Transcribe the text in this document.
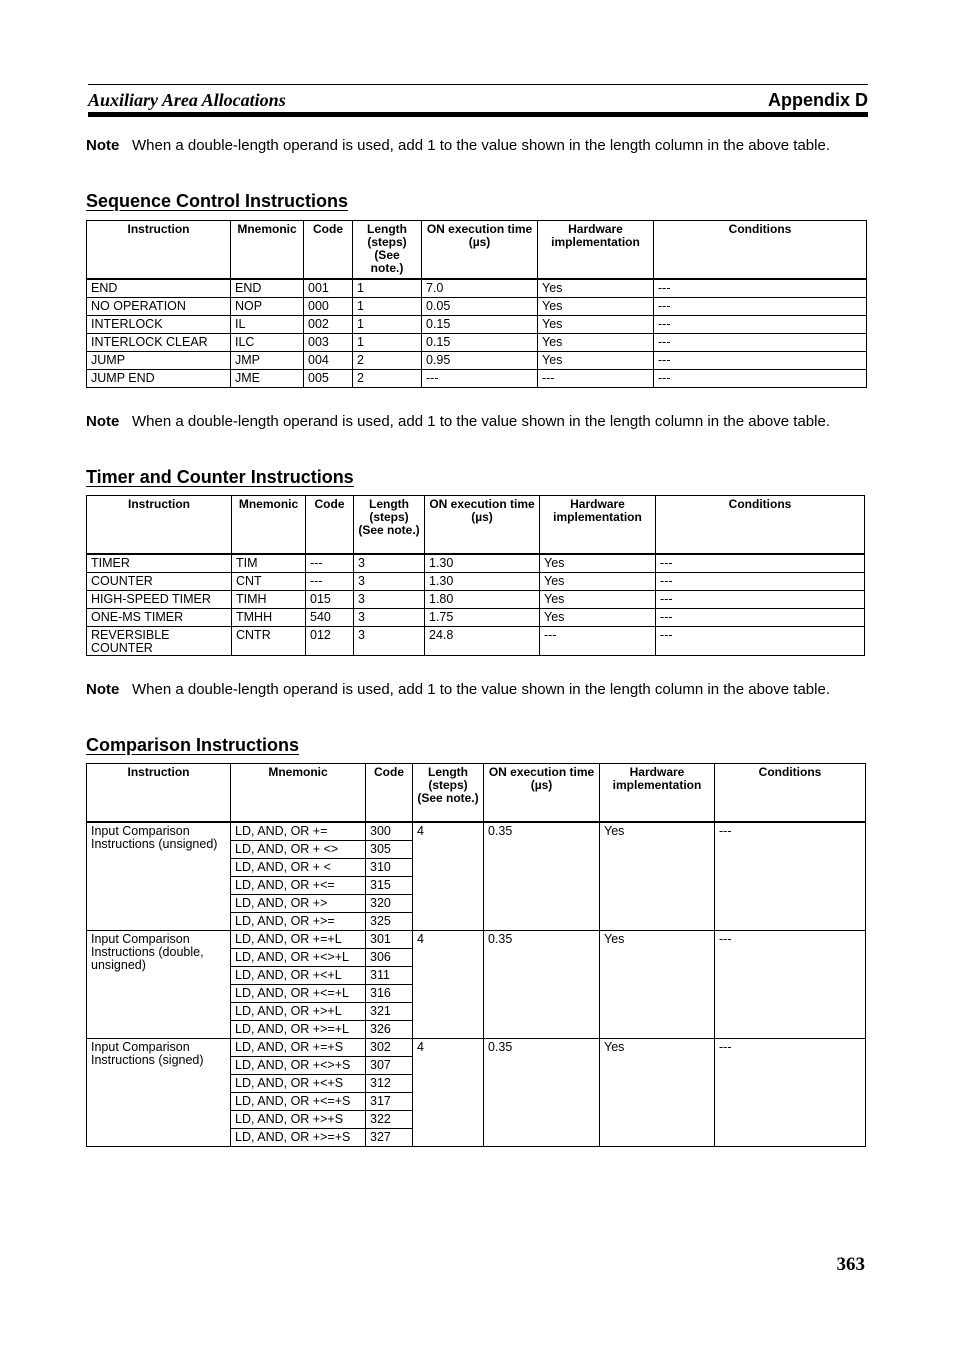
Auxiliary Area Allocations	Appendix D
Note When a double-length operand is used, add 1 to the value shown in the length column in the above table.
Sequence Control Instructions
Instruction	Mnemonic	Code	Length (steps) (See note.)	ON execution time (µs)	Hardware implementation	Conditions
END	END	001	1	7.0	Yes	---
NO OPERATION	NOP	000	1	0.05	Yes	---
INTERLOCK	IL	002	1	0.15	Yes	---
INTERLOCK CLEAR	ILC	003	1	0.15	Yes	---
JUMP	JMP	004	2	0.95	Yes	---
JUMP END	JME	005	2	---	---	---
Note When a double-length operand is used, add 1 to the value shown in the length column in the above table.
Timer and Counter Instructions
Instruction	Mnemonic	Code	Length (steps) (See note.)	ON execution time (µs)	Hardware implementation	Conditions
TIMER	TIM	---	3	1.30	Yes	---
COUNTER	CNT	---	3	1.30	Yes	---
HIGH-SPEED TIMER	TIMH	015	3	1.80	Yes	---
ONE-MS TIMER	TMHH	540	3	1.75	Yes	---
REVERSIBLE COUNTER	CNTR	012	3	24.8	---	---
Note When a double-length operand is used, add 1 to the value shown in the length column in the above table.
Comparison Instructions
Instruction	Mnemonic	Code	Length (steps) (See note.)	ON execution time (µs)	Hardware implementation	Conditions
Input Comparison Instructions (unsigned)	LD, AND, OR +=	300	4	0.35	Yes	---
	LD, AND, OR + <>	305				
	LD, AND, OR + <	310				
	LD, AND, OR +<=	315				
	LD, AND, OR +>	320				
	LD, AND, OR +>=	325				
Input Comparison Instructions (double, unsigned)	LD, AND, OR +=+L	301	4	0.35	Yes	---
	LD, AND, OR +<>+L	306				
	LD, AND, OR +<+L	311				
	LD, AND, OR +<=+L	316				
	LD, AND, OR +>+L	321				
	LD, AND, OR +>=+L	326				
Input Comparison Instructions (signed)	LD, AND, OR +=+S	302	4	0.35	Yes	---
	LD, AND, OR +<>+S	307				
	LD, AND, OR +<+S	312				
	LD, AND, OR +<=+S	317				
	LD, AND, OR +>+S	322				
	LD, AND, OR +>=+S	327				
363
